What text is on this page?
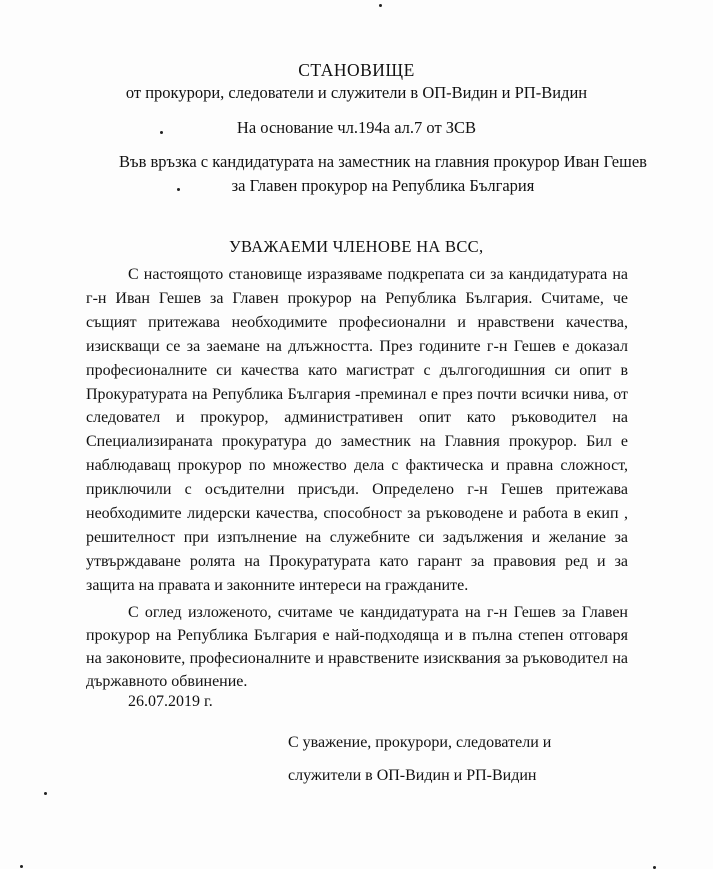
СТАНОВИЩЕ
от прокурори, следователи и служители в ОП-Видин и РП-Видин
На основание чл.194а ал.7 от ЗСВ
Във връзка с кандидатурата на заместник на главния прокурор Иван Гешев за Главен прокурор на Република България
УВАЖАЕМИ ЧЛЕНОВЕ НА ВСС,

С настоящото становище изразяваме подкрепата си за кандидатурата на г-н Иван Гешев за Главен прокурор на Република България. Считаме, че същият притежава необходимите професионални и нравствени качества, изискващи се за заемане на длъжността. През годините г-н Гешев е доказал професионалните си качества като магистрат с дългогодишния си опит в Прокуратурата на Република България -преминал е през почти всички нива, от следовател и прокурор, административен опит като ръководител на Специализираната прокуратура до заместник на Главния прокурор. Бил е наблюдаващ прокурор по множество дела с фактическа и правна сложност, приключили с осъдителни присъди. Определено г-н Гешев притежава необходимите лидерски качества, способност за ръководене и работа в екип , решителност при изпълнение на служебните си задължения и желание за утвърждаване ролята на Прокуратурата като гарант за правовия ред и за защита на правата и законните интереси на гражданите.

С оглед изложеното, считаме че кандидатурата на г-н Гешев за Главен прокурор на Република България е най-подходяща и в пълна степен отговаря на законовите, професионалните и нравствените изисквания за ръководител на държавното обвинение.

26.07.2019 г.
С уважение, прокурори, следователи и
служители в ОП-Видин и РП-Видин
